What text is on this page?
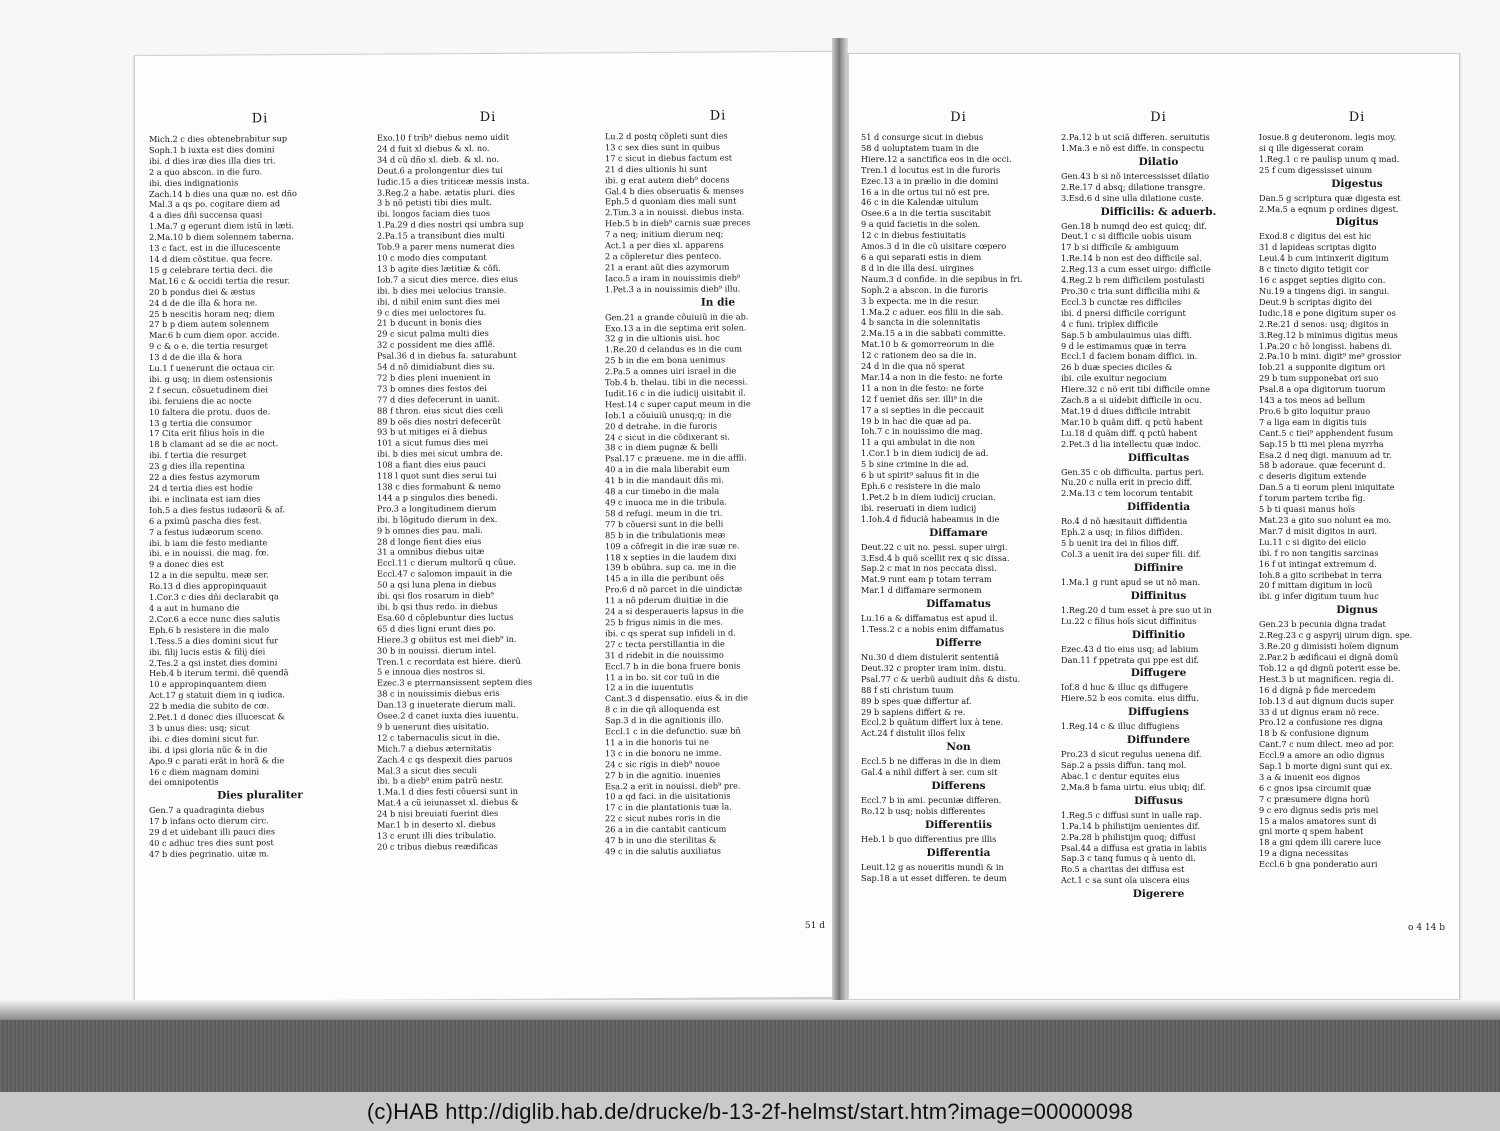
Di
Mich.2 c dies obtenebrabitur sup
Soph.1 b iuxta est dies domini
ibi. d dies iræ dies illa dies tri.
2 a quo abscon. in die furo.
ibi. dies indignationis
Zach.14 b dies una quæ no. est dño
Mal.3 a qs po. cogitare diem ad
4 a dies dñi succensa quasi
1.Ma.7 g egerunt diem istū in læti.
2.Ma.10 b diem solennem taberna.
13 c fact. est in die illucescente
14 d diem cõstitue. qua fecre.
15 g celebrare tertia deci. die
Mat.16 c & occidi tertia die resur.
20 b pondus diei & æstus
24 d de die illa & hora ne.
25 b nescitis horam neq; diem
27 b p diem autem solennem
Mar.6 b cum diem opor. accide.
9 c & o e. die tertia resurget
13 d de die illa & hora
Lu.1 f uenerunt die octaua cir.
ibi. g usq; in diem ostensionis
2 f secun. cõsuetudinem diei
ibi. feruiens die ac nocte
10 faltera die protu. duos de.
13 g tertia die consumor
17 Cita erit filius hoïs in die
18 b clamant ad se die ac noct.
ibi. f tertia die resurget
23 g dies illa repentina
22 a dies festus azymorum
24 d tertia dies est hodie
ibi. e inclinata est iam dies
Ioh.5 a dies festus iudæorũ & af.
6 a pximũ pascha dies fest.
7 a festus iudæorum sceno.
ibi. b iam die festo mediante
ibi. e in nouissi. die mag. fœ.
9 a donec dies est
12 a in die sepultu. meæ ser.
Ro.13 d dies appropinquauit
1.Cor.3 c dies dñi declarabit qa
4 a aut in humano die
2.Cor.6 a ecce nunc dies salutis
Eph.6 b resistere in die malo
1.Tess.5 a dies domini sicut fur
ibi. filij lucis estis & filij diei
2.Tes.2 a qsi instet dies domini
Heb.4 b iterum termi. diẽ quendã
10 e appropinquantem diem
Act.17 g statuit diem in q iudica.
22 b media die subito de cœ.
2.Pet.1 d donec dies illucescat &
3 b unus dies: usq; sicut
ibi. c dies domini sicut fur.
ibi. d ipsi gloria nũc & in die
Apo.9 c parati erãt in horã & die
16 c diem magnam domini
dei omnipotentis
Dies pluraliter
Gen.7 a quadraginta diebus
17 b infans octo dierum circ.
29 d et uidebant illi pauci dies
40 c adhuc tres dies sunt post
47 b dies pegrinatio. uitæ m.
Di
Exo.10 f trib⁹ diebus nemo uidit
24 d fuit xl diebus & xl. no.
34 d cũ dño xl. dieb. & xl. no.
Deut.6 a prolongentur dies tui
Iudic.15 a dies triticeæ messis insta.
3.Reg.2 a habe. ætatis pluri. dies
3 b nõ petisti tibi dies mult.
ibi. longos faciam dies tuos
1.Pa.29 d dies nostri qsi umbra sup
2.Pa.15 a transibunt dies multi
Tob.9 a parer mens numerat dies
10 c modo dies computant
13 b agite dies lætitiæ & cõfi.
Iob.7 a sicut dies merce. dies eius
ibi. b dies mei uelocius transie.
ibi. d nihil enim sunt dies mei
9 c dies mei ueloctores fu.
21 b ducunt in bonis dies
29 c sicut palma multi dies
32 c possident me dies afflẽ.
Psal.36 d in diebus fa. saturabunt
54 d nõ dimidiabunt dies su.
72 b dies pleni inuenient in
73 b omnes dies festos dei
77 d dies defecerunt in uanit.
88 f thron. eius sicut dies cœli
89 b oẽs dies nostri defecerũt
93 b ut mitiges ei ã diebus
101 a sicut fumus dies mei
ibi. b dies mei sicut umbra de.
108 a fiant dies eius pauci
118 l quot sunt dies serui tui
138 c dies formabunt & nemo
144 a p singulos dies benedi.
Pro.3 a longitudinem dierum
ibi. b lõgitudo dierum in dex.
9 b omnes dies pau. mali.
28 d longe fient dies eius
31 a omnibus diebus uitæ
Eccl.11 c dierum multorũ q cũue.
Eccl.47 c salomon impauit in die
50 a qsi luna plena in diebus
ibi. qsi flos rosarum in dieb⁹
ibi. b qsi thus redo. in diebus
Esa.60 d cõplebuntur dies luctus
65 d dies ligni erunt dies po.
Hiere.3 g obiitus est mei dieb⁹ in.
30 b in nouissi. dierum intel.
Tren.1 c recordata est hiere. dierũ
5 e innoua dies nostros si.
Ezec.3 e pterrnansissent septem dies
38 c in nouissimis diebus eris
Dan.13 g inueterate dierum mali.
Osee.2 d canet iuxta dies iuuentu.
9 b uenerunt dies uisitatio.
12 c tabernaculis sicut in die.
Mich.7 a diebus æternitatis
Zach.4 c qs despexit dies paruos
Mal.3 a sicut dies seculi
ibi. b a dieb⁹ enim patrũ nestr.
1.Ma.1 d dies festi cõuersi sunt in
Mat.4 a cũ ieiunasset xl. diebus &
24 b nisi breuiati fuerint dies
Mar.1 b in deserto xl. diebus
13 c erunt illi dies tribulatio.
20 c tribus diebus reædificas
Di
Lu.2 d postq cõpleti sunt dies
13 c sex dies sunt in quibus
17 c sicut in diebus factum est
21 d dies ultionis hi sunt
ibi. g erat autem dieb⁹ docens
Gal.4 b dies obseruatis & menses
Eph.5 d quoniam dies mali sunt
2.Tim.3 a in nouissi. diebus insta.
Heb.5 b in dieb⁹ carnis suæ preces
7 a neq; initium dierum neq;
Act.1 a per dies xl. apparens
2 a cõpleretur dies penteco.
21 a erant aũt dies azymorum
Iaco.5 a iram in nouissimis dieb⁹
1.Pet.3 a in nouissimis dieb⁹ illu.
In die
Gen.21 a grande cõuiuiũ in die ab.
Exo.13 a in die septima erit solen.
32 g in die ultionis uisi. hoc
1.Re.20 d celandus es in die cum
25 b in die em bona uenimus
2.Pa.5 a omnes uiri israel in die
Tob.4 b. thelau. tibi in die necessi.
Iudit.16 c in die iudicij uisitabit il.
Hest.14 c super caput meum in die
Iob.1 a cõuiuiũ unusq;q; in die
20 d detrahe. in die furoris
24 c sicut in die cõdixerant si.
38 c in diem pugnæ & belli
Psal.17 c præuene. me in die affli.
40 a in die mala liberabit eum
41 b in die mandauit dñs mi.
48 a cur timebo in die mala
49 c inuoca me in die tribula.
58 d refugi. meum in die tri.
77 b cõuersi sunt in die belli
85 b in die tribulationis meæ
109 a cõfregit in die iræ suæ re.
118 x septies in die laudem dixi
139 b obũbra. sup ca. me in die
145 a in illa die peribunt oẽs
Pro.6 d nõ parcet in die uindictæ
11 a nõ pderum diuitiæ in die
24 a si desperaueris lapsus in die
25 b frigus nimis in die mes.
ibi. c qs sperat sup infideli in d.
27 c tecta perstillantia in die
31 d ridebit in die nouissimo
Eccl.7 b in die bona fruere bonis
11 a in bo. sit cor tuũ in die
12 a in die iuuentutis
Cant.3 d dispensatio. eius & in die
8 c in die qñ alloquenda est
Sap.3 d in die agnitionis illo.
Eccl.1 c in die defunctio. suæ bñ
11 a in die honoris tui ne
13 c in die bonoru ne imme.
24 c sic rigis in dieb⁹ nouoe
27 b in die agnitio. inuenies
Esa.2 a erit in nouissi. dieb⁹ pre.
10 a qd faci. in die uisitationis
17 c in die plantationis tuæ la.
22 c sicut nubes roris in die
26 a in die cantabit canticum
47 b in uno die sterilitas &
49 c in die salutis auxiliatus
51 d
Di
51 d consurge sicut in diebus
58 d uoluptatem tuam in die
Hiere.12 a sanctifica eos in die occi.
Tren.1 d locutus est in die furoris
Ezec.13 a in prælio in die domini
16 a in die ortus tui nõ est pre.
46 c in die Kalendæ uitulum
Osee.6 a in die tertia suscitabit
9 a quid facietis in die solen.
12 c in diebus festiuitatis
Amos.3 d in die cũ uisitare cœpero
6 a qui separati estis in diem
8 d in die illa desi. uirgines
Naum.3 d confide. in die sepibus in fri.
Soph.2 a abscon. in die furoris
3 b expecta. me in die resur.
1.Ma.2 c aduer. eos filii in die sab.
4 b sancta in die solennitatis
2.Ma.15 a in die sabbati committe.
Mat.10 b & gomorreorum in die
12 c rationem deo sa die in.
24 d in die qua nõ sperat
Mar.14 a non in die festo: ne forte
11 a non in die festo: ne forte
12 f ueniet dñs ser. illi⁹ in die
17 a si septies in die peccauit
19 b in hac die quæ ad pa.
Ioh.7 c in nouissimo die mag.
11 a qui ambulat in die non
1.Cor.1 b in diem iudicij de ad.
5 b sine crimine in die ad.
6 b ut spirit⁹ saluus fit in die
Eph.6 c resistere in die malo
1.Pet.2 b in diem iudicij crucian.
ibi. reseruati in diem iudicij
1.Ioh.4 d fiduciã habeamus in die
Diffamare
Deut.22 c uit no. pessi. super uirgi.
3.Esd.4 b quõ scellit rex q sic dissa.
Sap.2 c mat in nos peccata dissi.
Mat.9 runt eam p totam terram
Mar.1 d diffamare sermonem
Diffamatus
Lu.16 a & diffamatus est apud il.
1.Tess.2 c a nobis enim diffamatus
Differre
Nu.30 d diem distulerit sententiã
Deut.32 c propter iram inim. distu.
Psal.77 c & uerbũ audiuit dñs & distu.
88 f sti christum tuum
89 b spes quæ differtur af.
29 b sapiens differt & re.
Eccl.2 b quãtum differt lux à tene.
Act.24 f distulit illos felix
Non
Eccl.5 b ne differas in die in diem
Gal.4 a nihil differt à ser. cum sit
Differens
Eccl.7 b in ami. pecuniæ differen.
Ro.12 b usq; nobis differentes
Differentiis
Heb.1 b quo differentius pre illis
Differentia
Leuit.12 g as noueritis mundi & in
Sap.18 a ut esset differen. te deum
Di
2.Pa.12 b ut sciã differen. seruitutis
1.Ma.3 e nõ est diffe. in conspectu
Dilatio
Gen.43 b si nõ intercessisset dilatio
2.Re.17 d absq; dilatione transgre.
3.Esd.6 d sine ulla dilatione custe.
Difficilis: & aduerb.
Gen.18 b numqd deo est quicq; dif.
Deut.1 c si difficile uobis uisum
17 b si difficile & ambiguum
1.Re.14 b non est deo difficile sal.
2.Reg.13 a cum esset uirgo: difficile
4.Reg.2 b rem difficilem postulasti
Pro.30 c tria sunt difficilia mihi &
Eccl.3 b cunctæ res difficiles
ibi. d pnersi difficile corrigunt
4 c funi. triplex difficile
Sap.5 b ambulauimus uias diffi.
9 d le estimamus quæ in terra
Eccl.1 d faciem bonam diffici. in.
26 b duæ species diciles &
ibi. cile exuitur negocium
Hiere.32 c nõ erit tibi difficile omne
Zach.8 a si uidebit difficile in ocu.
Mat.19 d diues difficile intrabit
Mar.10 b quãm diff. q pctũ habent
Lu.18 d quãm diff. q pctũ habent
2.Pet.3 d lia intellectu quæ indoc.
Difficultas
Gen.35 c ob difficulta. partus peri.
Nu.20 c nulla erit in precio diff.
2.Ma.13 c tem locorum tentabit
Diffidentia
Ro.4 d nõ hæsitauit diffidentia
Eph.2 a usq; in filios diffiden.
5 b uenit ira dei in filios diff.
Col.3 a uenit ira dei super fili. dif.
Diffinire
1.Ma.1 g runt apud se ut nõ man.
Diffinitus
1.Reg.20 d tum esset à pre suo ut in
Lu.22 c filius hoïs sicut diffinitus
Diffinitio
Ezec.43 d tio eius usq; ad labium
Dan.11 f ppetrata qui ppe est dif.
Diffugere
Iof.8 d huc & illuc qs diffugere
Hiere.52 b eos comita. eius diffu.
Diffugiens
1.Reg.14 c & illuc diffugiens
Diffundere
Pro.23 d sicut regulus uenena dif.
Sap.2 a pssis diffun. tanq mol.
Abac.1 c dentur equites eius
2.Ma.8 b fama uirtu. eius ubiq; dif.
Diffusus
1.Reg.5 c diffusi sunt in ualle rap.
1.Pa.14 b philistijm uenientes dif.
2.Pa.28 b philistijm quoq; diffusi
Psal.44 a diffusa est gratia in labiis
Sap.3 c tanq fumus q à uento di.
Ro.5 a charitas dei diffusa est
Act.1 c sa sunt oĩa uiscera eius
Digerere
Di
Iosue.8 g deuteronom. legis moy.
si q ille digesserat coram
1.Reg.1 c re paulisp unum q mad.
25 f cum digessisset uinum
Digestus
Dan.5 g scriptura quæ digesta est
2.Ma.5 a eqnum p ordines digest.
Digitus
Exod.8 c digitus dei est hic
31 d lapideas scriptas digito
Leui.4 b cum intinxerit digitum
8 c tincto digito tetigit cor
16 c aspget septies digito con.
Nu.19 a tingens digi. in sangui.
Deut.9 b scriptas digito dei
Iudic.18 e pone digitum super os
2.Re.21 d senos: usq; digitos in
3.Reg.12 b minimus digitus meus
1.Pa.20 c hõ longissi. habens di.
2.Pa.10 b mini. digit⁹ me⁹ grossior
Iob.21 a supponite digitum ori
29 b tum supponebat ori suo
Psal.8 a opa digitorum tuorum
143 a tos meos ad bellum
Pro.6 b gito loquitur prauo
7 a liga eam in digitis tuis
Cant.5 c tiei⁹ apphendent fusum
Sap.15 b tti mei plena myrrha
Esa.2 d neq digi. manuum ad tr.
58 b adoraue. quæ fecerunt d.
c deseris digitum extende
Dan.5 a ti eorum pleni iniquitate
f torum partem tcriba fig.
5 b ti quasi manus hoïs
Mat.23 a gito suo nolunt ea mo.
Mar.7 d misit digitos in auri.
Lu.11 c si digito dei eiicio
ibi. f ro non tangitis sarcinas
16 f ut intingat extremum d.
Ioh.8 a gito scribebat in terra
20 f mittam digitum in locũ
ibi. g infer digitum tuum huc
Dignus
Gen.23 b pecunia digna tradat
2.Reg.23 c g aspyrij uirum dign. spe.
3.Re.20 g dimisisti hoïem dignum
2.Par.2 b ædificaui ei dignã domũ
Tob.12 a qd dignũ poterit esse be.
Hest.3 b ut magnificen. regia di.
16 d dignã p fide mercedem
Iob.13 d aut dignum ducis super
33 d ut dignus eram nõ rece.
Pro.12 a confusione res digna
18 b & confusione dignum
Cant.7 c num dilect. meo ad por.
Eccl.9 a amore an odio dignus
Sap.1 b morte digni sunt qui ex.
3 a & inuenit eos dignos
6 c gnos ipsa circumit quæ
7 c præsumere digna horũ
9 c ero dignus sedis pris mei
15 a malos amatores sunt di
gni morte q spem habent
18 a gni qdem illi carere luce
19 a digna necessitas
Eccl.6 b gna ponderatio auri
o 4 14 b
(c)HAB http://diglib.hab.de/drucke/b-13-2f-helmst/start.htm?image=00000098
